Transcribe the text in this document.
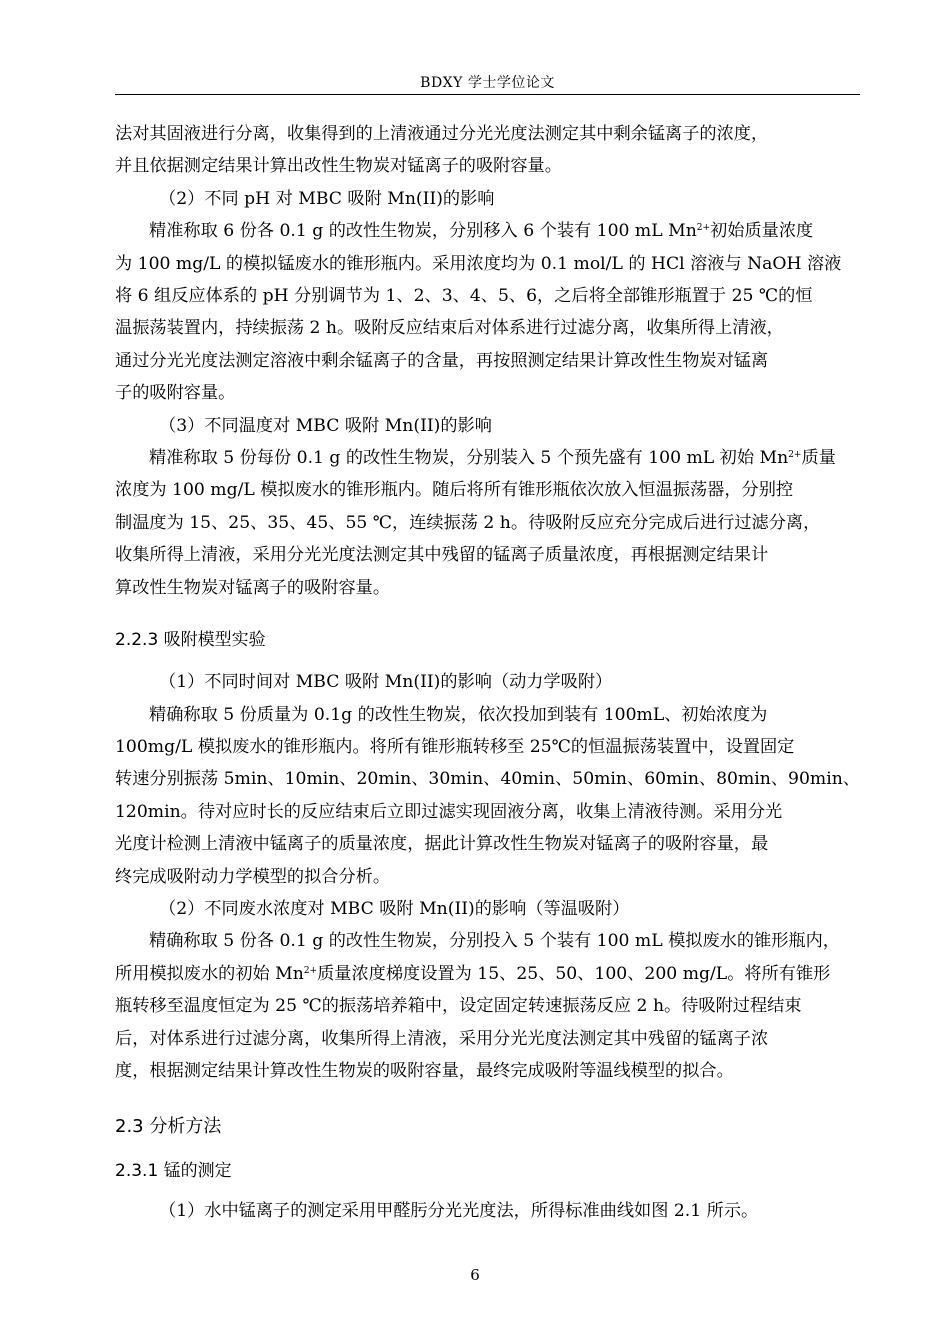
BDXY 学士学位论文

法对其固液进行分离，收集得到的上清液通过分光光度法测定其中剩余锰离子的浓度，

并且依据测定结果计算出改性生物炭对锰离子的吸附容量。

（2）不同 pH 对 MBC 吸附 Mn(II)的影响

精准称取 6 份各 0.1 g 的改性生物炭，分别移入 6 个装有 100 mL $Mn^{2+}$初始质量浓度

为 100 mg/L 的模拟锰废水的锥形瓶内。采用浓度均为 0.1 mol/L 的 HCl 溶液与 NaOH 溶液

将 6 组反应体系的 pH 分别调节为 1、2、3、4、5、6，之后将全部锥形瓶置于 25 ℃的恒

温振荡装置内，持续振荡 2 h。吸附反应结束后对体系进行过滤分离，收集所得上清液，

通过分光光度法测定溶液中剩余锰离子的含量，再按照测定结果计算改性生物炭对锰离

子的吸附容量。

（3）不同温度对 MBC 吸附 Mn(II)的影响

精准称取 5 份每份 0.1 g 的改性生物炭，分别装入 5 个预先盛有 100 mL 初始 $Mn^{2+}$质量

浓度为 100 mg/L 模拟废水的锥形瓶内。随后将所有锥形瓶依次放入恒温振荡器，分别控

制温度为 15、25、35、45、55 ℃，连续振荡 2 h。待吸附反应充分完成后进行过滤分离，

收集所得上清液，采用分光光度法测定其中残留的锰离子质量浓度，再根据测定结果计

算改性生物炭对锰离子的吸附容量。

2.2.3 吸附模型实验

（1）不同时间对 MBC 吸附 Mn(II)的影响（动力学吸附）

精确称取 5 份质量为 0.1g 的改性生物炭，依次投加到装有 100mL、初始浓度为

100mg/L 模拟废水的锥形瓶内。将所有锥形瓶转移至 25℃的恒温振荡装置中，设置固定

转速分别振荡 5min、10min、20min、30min、40min、50min、60min、80min、90min、

120min。待对应时长的反应结束后立即过滤实现固液分离，收集上清液待测。采用分光

光度计检测上清液中锰离子的质量浓度，据此计算改性生物炭对锰离子的吸附容量，最

终完成吸附动力学模型的拟合分析。

（2）不同废水浓度对 MBC 吸附 Mn(II)的影响（等温吸附）

精确称取 5 份各 0.1 g 的改性生物炭，分别投入 5 个装有 100 mL 模拟废水的锥形瓶内，

所用模拟废水的初始 $Mn^{2+}$质量浓度梯度设置为 15、25、50、100、200 mg/L。将所有锥形

瓶转移至温度恒定为 25 ℃的振荡培养箱中，设定固定转速振荡反应 2 h。待吸附过程结束

后，对体系进行过滤分离，收集所得上清液，采用分光光度法测定其中残留的锰离子浓

度，根据测定结果计算改性生物炭的吸附容量，最终完成吸附等温线模型的拟合。

2.3 分析方法

2.3.1 锰的测定

（1）水中锰离子的测定采用甲醛肟分光光度法，所得标准曲线如图 2.1 所示。

6
